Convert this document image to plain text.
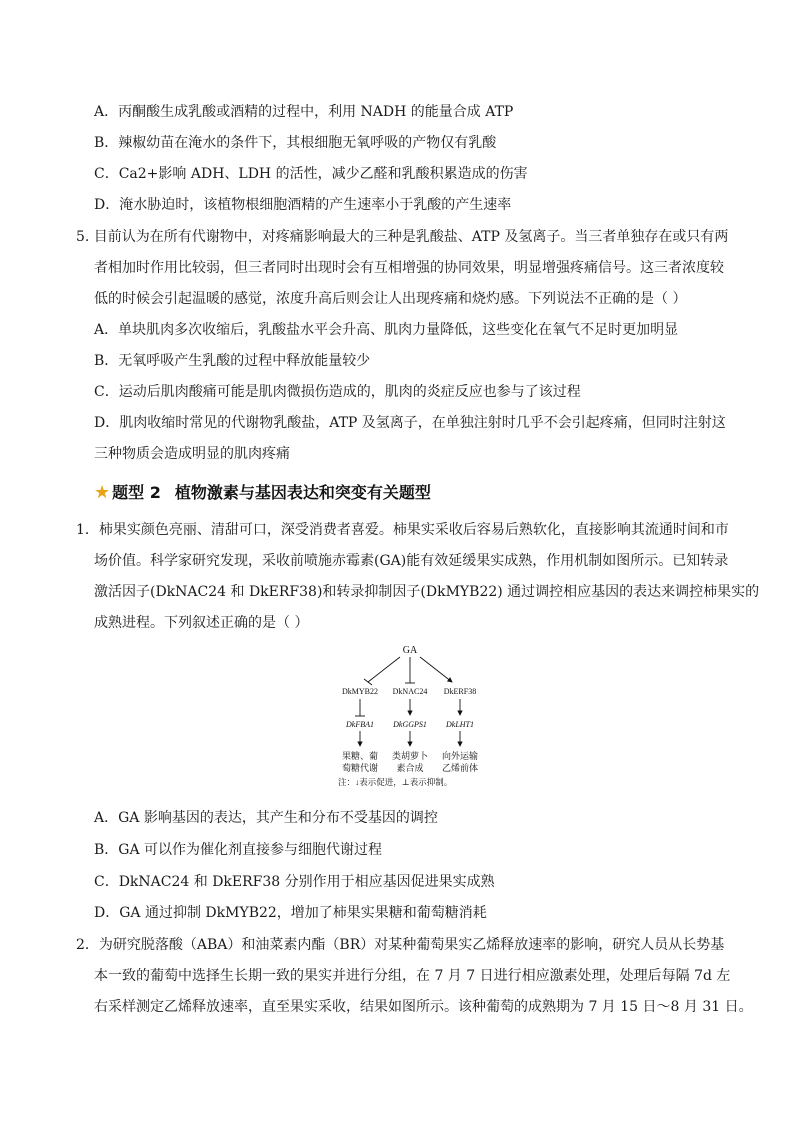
A．丙酮酸生成乳酸或酒精的过程中，利用 NADH 的能量合成 ATP
B．辣椒幼苗在淹水的条件下，其根细胞无氧呼吸的产物仅有乳酸
C．Ca2+影响 ADH、LDH 的活性，减少乙醛和乳酸积累造成的伤害
D．淹水胁迫时，该植物根细胞酒精的产生速率小于乳酸的产生速率
5. 目前认为在所有代谢物中，对疼痛影响最大的三种是乳酸盐、ATP 及氢离子。当三者单独存在或只有两
者相加时作用比较弱，但三者同时出现时会有互相增强的协同效果，明显增强疼痛信号。这三者浓度较
低的时候会引起温暖的感觉，浓度升高后则会让人出现疼痛和烧灼感。下列说法不正确的是（ ）
A．单块肌肉多次收缩后，乳酸盐水平会升高、肌肉力量降低，这些变化在氧气不足时更加明显
B．无氧呼吸产生乳酸的过程中释放能量较少
C．运动后肌肉酸痛可能是肌肉微损伤造成的，肌肉的炎症反应也参与了该过程
D．肌肉收缩时常见的代谢物乳酸盐，ATP 及氢离子，在单独注射时几乎不会引起疼痛，但同时注射这
三种物质会造成明显的肌肉疼痛
★ 题型 2 植物激素与基因表达和突变有关题型
1．柿果实颜色亮丽、清甜可口，深受消费者喜爱。柿果实采收后容易后熟软化，直接影响其流通时间和市
场价值。科学家研究发现，采收前喷施赤霉素(GA)能有效延缓果实成熟，作用机制如图所示。已知转录
激活因子(DkNAC24 和 DkERF38)和转录抑制因子(DkMYB22) 通过调控相应基因的表达来调控柿果实的
成熟进程。下列叙述正确的是（ ）
GA
DkMYB22 DkNAC24 DkERF38
DkFBA1 DkGGPS1 DkLHT1
果糖、葡
萄糖代谢
类胡萝卜
素合成
向外运输
乙烯前体
注：↓表示促进，⊥表示抑制。
A．GA 影响基因的表达，其产生和分布不受基因的调控
B．GA 可以作为催化剂直接参与细胞代谢过程
C．DkNAC24 和 DkERF38 分别作用于相应基因促进果实成熟
D．GA 通过抑制 DkMYB22，增加了柿果实果糖和葡萄糖消耗
2．为研究脱落酸（ABA）和油菜素内酯（BR）对某种葡萄果实乙烯释放速率的影响，研究人员从长势基
本一致的葡萄中选择生长期一致的果实并进行分组，在 7 月 7 日进行相应激素处理，处理后每隔 7d 左
右采样测定乙烯释放速率，直至果实采收，结果如图所示。该种葡萄的成熟期为 7 月 15 日～8 月 31 日。
